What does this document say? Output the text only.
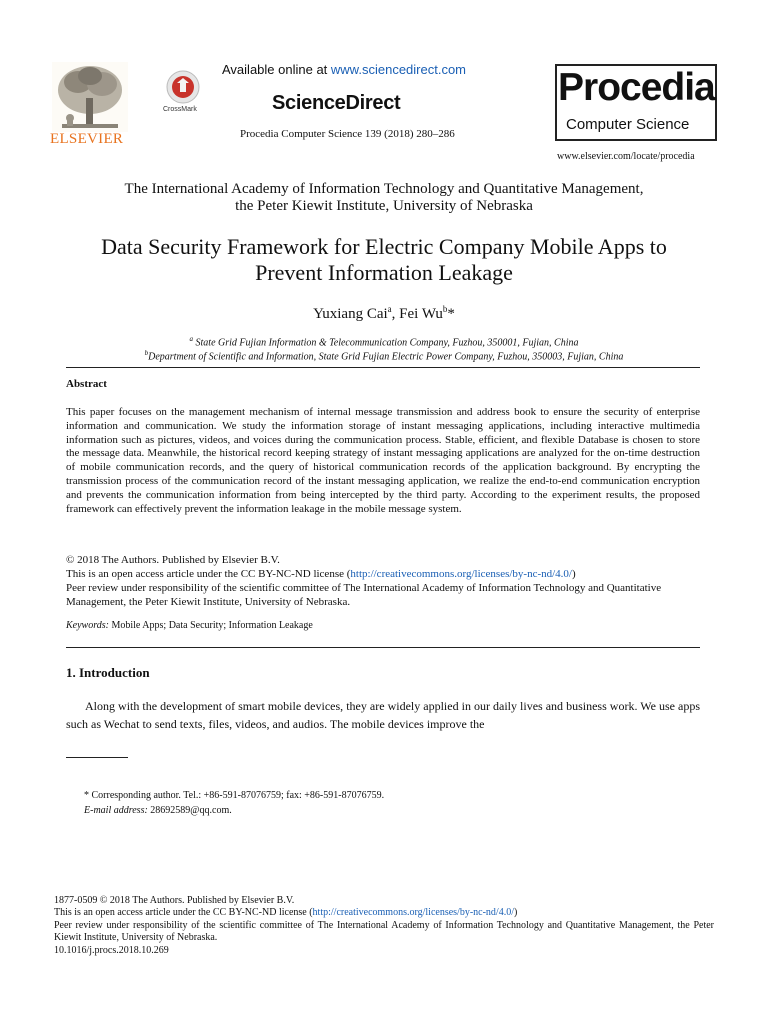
ELSEVIER
CrossMark
Available online at www.sciencedirect.com
ScienceDirect
Procedia Computer Science 139 (2018) 280–286
Procedia
Computer Science
www.elsevier.com/locate/procedia
The International Academy of Information Technology and Quantitative Management,
the Peter Kiewit Institute, University of Nebraska
Data Security Framework for Electric Company Mobile Apps to
Prevent Information Leakage
Yuxiang Cai$^a$, Fei Wu$^b$*
$^a$ State Grid Fujian Information & Telecommunication Company, Fuzhou, 350001, Fujian, China
$^b$Department of Scientific and Information, State Grid Fujian Electric Power Company, Fuzhou, 350003, Fujian, China
Abstract
This paper focuses on the management mechanism of internal message transmission and address book to ensure the security of enterprise information and communication. We study the information storage of instant messaging applications, including interactive multimedia information such as pictures, videos, and voices during the communication process. Stable, efficient, and flexible Database is chosen to store the message data. Meanwhile, the historical record keeping strategy of instant messaging applications are analyzed for the on-time destruction of mobile communication records, and the query of historical communication records of the application background. By encrypting the transmission process of the communication record of the instant messaging application, we realize the end-to-end communication encryption and prevents the communication information from being intercepted by the third party. According to the experiment results, the proposed framework can effectively prevent the information leakage in the mobile message system.
© 2018 The Authors. Published by Elsevier B.V.
This is an open access article under the CC BY-NC-ND license (http://creativecommons.org/licenses/by-nc-nd/4.0/)
Peer review under responsibility of the scientific committee of The International Academy of Information Technology and Quantitative Management, the Peter Kiewit Institute, University of Nebraska.
Keywords: Mobile Apps; Data Security; Information Leakage
1. Introduction
Along with the development of smart mobile devices, they are widely applied in our daily lives and business work. We use apps such as Wechat to send texts, files, videos, and audios. The mobile devices improve the
* Corresponding author. Tel.: +86-591-87076759; fax: +86-591-87076759.
E-mail address: 28692589@qq.com.
1877-0509 © 2018 The Authors. Published by Elsevier B.V.
This is an open access article under the CC BY-NC-ND license (http://creativecommons.org/licenses/by-nc-nd/4.0/)
Peer review under responsibility of the scientific committee of The International Academy of Information Technology and Quantitative Management, the Peter Kiewit Institute, University of Nebraska.
10.1016/j.procs.2018.10.269
